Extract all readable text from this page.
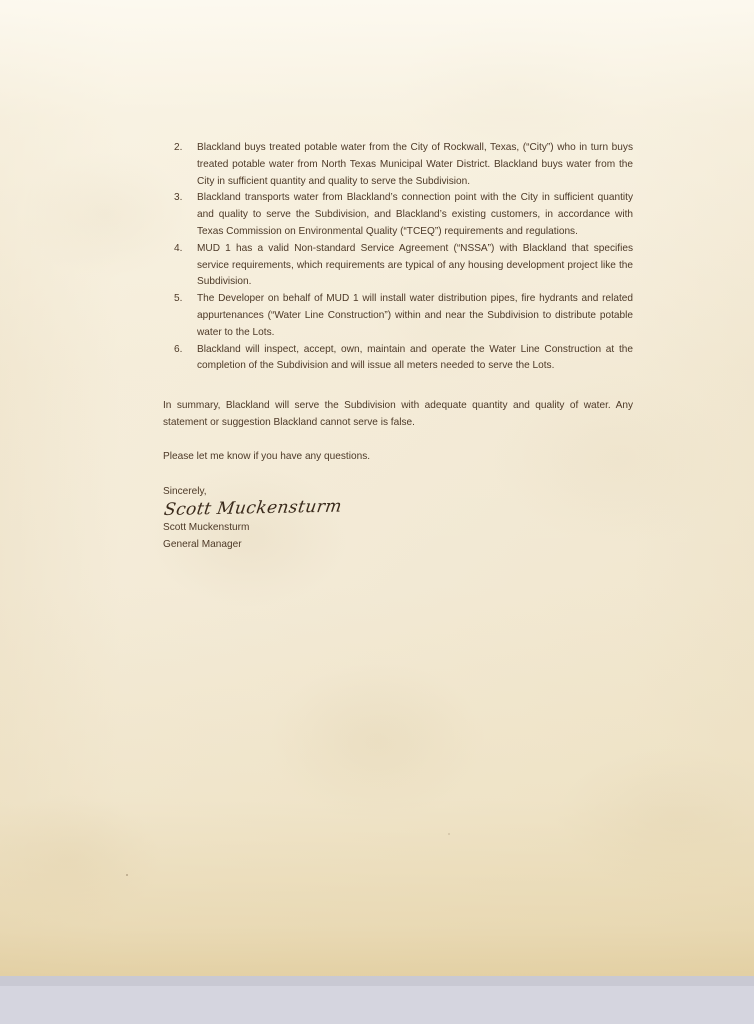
2.	Blackland buys treated potable water from the City of Rockwall, Texas, (“City”) who in turn buys treated potable water from North Texas Municipal Water District. Blackland buys water from the City in sufficient quantity and quality to serve the Subdivision.
3.	Blackland transports water from Blackland’s connection point with the City in sufficient quantity and quality to serve the Subdivision, and Blackland’s existing customers, in accordance with Texas Commission on Environmental Quality (“TCEQ”) requirements and regulations.
4.	MUD 1 has a valid Non-standard Service Agreement (“NSSA”) with Blackland that specifies service requirements, which requirements are typical of any housing development project like the Subdivision.
5.	The Developer on behalf of MUD 1 will install water distribution pipes, fire hydrants and related appurtenances (“Water Line Construction”) within and near the Subdivision to distribute potable water to the Lots.
6.	Blackland will inspect, accept, own, maintain and operate the Water Line Construction at the completion of the Subdivision and will issue all meters needed to serve the Lots.

In summary, Blackland will serve the Subdivision with adequate quantity and quality of water. Any statement or suggestion Blackland cannot serve is false.

Please let me know if you have any questions.

Sincerely,

Scott Muckensturm

Scott Muckensturm

General Manager
